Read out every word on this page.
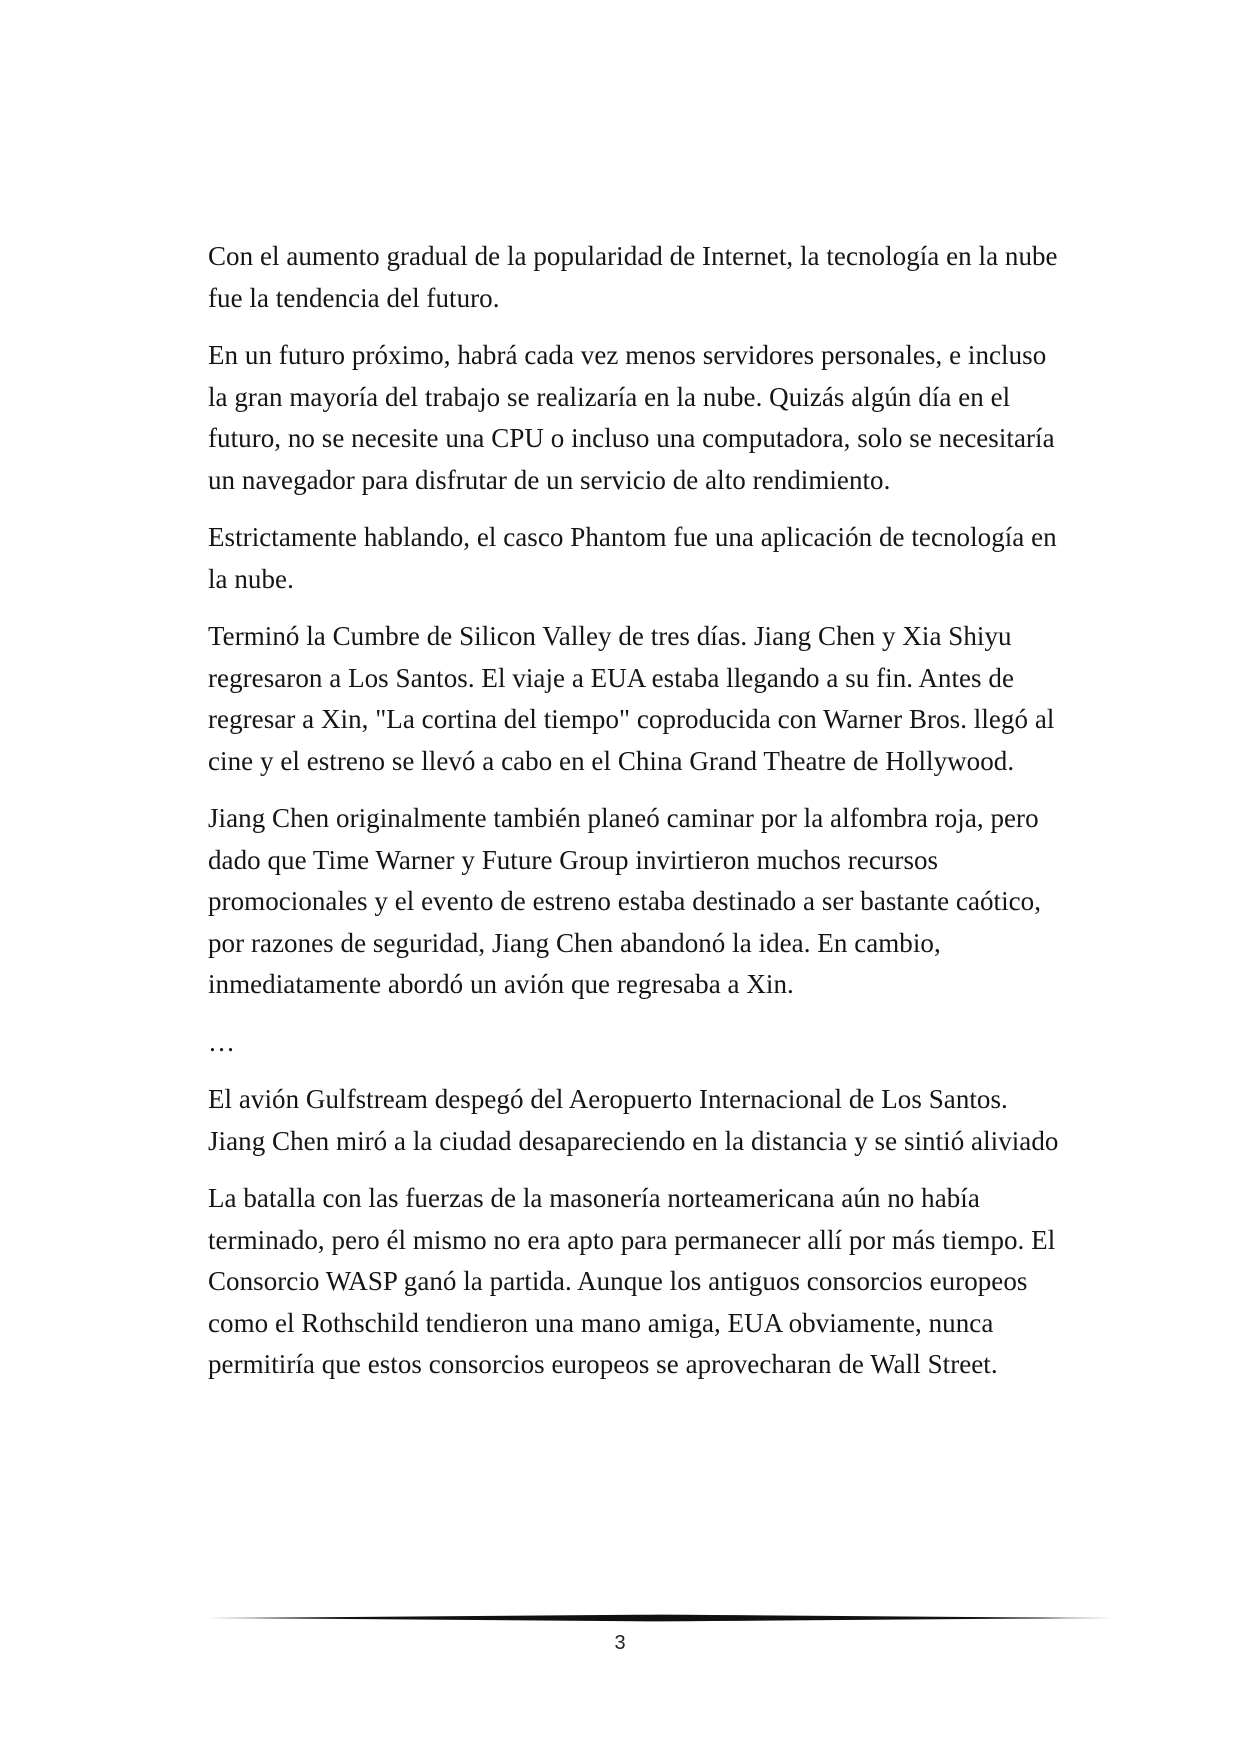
Con el aumento gradual de la popularidad de Internet, la tecnología en la nube fue la tendencia del futuro.

En un futuro próximo, habrá cada vez menos servidores personales, e incluso la gran mayoría del trabajo se realizaría en la nube. Quizás algún día en el futuro, no se necesite una CPU o incluso una computadora, solo se necesitaría un navegador para disfrutar de un servicio de alto rendimiento.

Estrictamente hablando, el casco Phantom fue una aplicación de tecnología en la nube.

Terminó la Cumbre de Silicon Valley de tres días. Jiang Chen y Xia Shiyu regresaron a Los Santos. El viaje a EUA estaba llegando a su fin. Antes de regresar a Xin, "La cortina del tiempo" coproducida con Warner Bros. llegó al cine y el estreno se llevó a cabo en el China Grand Theatre de Hollywood.

Jiang Chen originalmente también planeó caminar por la alfombra roja, pero dado que Time Warner y Future Group invirtieron muchos recursos promocionales y el evento de estreno estaba destinado a ser bastante caótico, por razones de seguridad, Jiang Chen abandonó la idea. En cambio, inmediatamente abordó un avión que regresaba a Xin.

…

El avión Gulfstream despegó del Aeropuerto Internacional de Los Santos. Jiang Chen miró a la ciudad desapareciendo en la distancia y se sintió aliviado

La batalla con las fuerzas de la masonería norteamericana aún no había terminado, pero él mismo no era apto para permanecer allí por más tiempo. El Consorcio WASP ganó la partida. Aunque los antiguos consorcios europeos como el Rothschild tendieron una mano amiga, EUA obviamente, nunca permitiría que estos consorcios europeos se aprovecharan de Wall Street.

3
